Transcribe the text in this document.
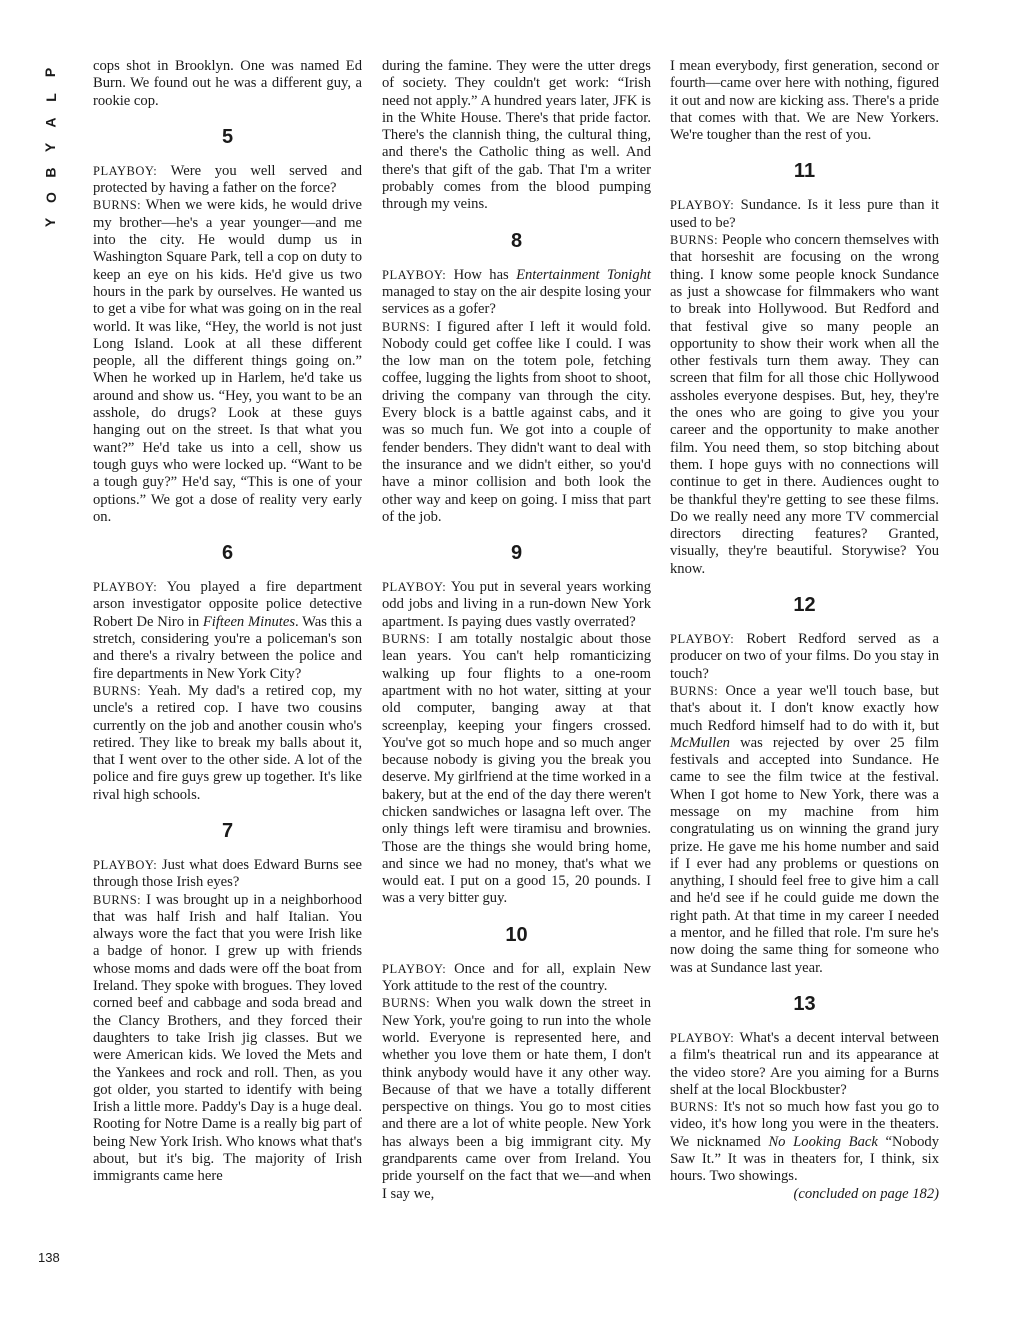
P
L
A
Y
B
O
Y
138

cops shot in Brooklyn. One was named Ed Burn. We found out he was a different guy, a rookie cop.

5

PLAYBOY: Were you well served and protected by having a father on the force?

BURNS: When we were kids, he would drive my brother—he's a year younger—and me into the city. He would dump us in Washington Square Park, tell a cop on duty to keep an eye on his kids. He'd give us two hours in the park by ourselves. He wanted us to get a vibe for what was going on in the real world. It was like, “Hey, the world is not just Long Island. Look at all these different people, all the different things going on.” When he worked up in Harlem, he'd take us around and show us. “Hey, you want to be an asshole, do drugs? Look at these guys hanging out on the street. Is that what you want?” He'd take us into a cell, show us tough guys who were locked up. “Want to be a tough guy?” He'd say, “This is one of your options.” We got a dose of reality very early on.

6

PLAYBOY: You played a fire department arson investigator opposite police detective Robert De Niro in Fifteen Minutes. Was this a stretch, considering you're a policeman's son and there's a rivalry between the police and fire departments in New York City?

BURNS: Yeah. My dad's a retired cop, my uncle's a retired cop. I have two cousins currently on the job and another cousin who's retired. They like to break my balls about it, that I went over to the other side. A lot of the police and fire guys grew up together. It's like rival high schools.

7

PLAYBOY: Just what does Edward Burns see through those Irish eyes?

BURNS: I was brought up in a neighborhood that was half Irish and half Italian. You always wore the fact that you were Irish like a badge of honor. I grew up with friends whose moms and dads were off the boat from Ireland. They spoke with brogues. They loved corned beef and cabbage and soda bread and the Clancy Brothers, and they forced their daughters to take Irish jig classes. But we were American kids. We loved the Mets and the Yankees and rock and roll. Then, as you got older, you started to identify with being Irish a little more. Paddy's Day is a huge deal. Rooting for Notre Dame is a really big part of being New York Irish. Who knows what that's about, but it's big. The majority of Irish immigrants came here

during the famine. They were the utter dregs of society. They couldn't get work: “Irish need not apply.” A hundred years later, JFK is in the White House. There's that pride factor. There's the clannish thing, the cultural thing, and there's the Catholic thing as well. And there's that gift of the gab. That I'm a writer probably comes from the blood pumping through my veins.

8

PLAYBOY: How has Entertainment Tonight managed to stay on the air despite losing your services as a gofer?

BURNS: I figured after I left it would fold. Nobody could get coffee like I could. I was the low man on the totem pole, fetching coffee, lugging the lights from shoot to shoot, driving the company van through the city. Every block is a battle against cabs, and it was so much fun. We got into a couple of fender benders. They didn't want to deal with the insurance and we didn't either, so you'd have a minor collision and both look the other way and keep on going. I miss that part of the job.

9

PLAYBOY: You put in several years working odd jobs and living in a run-down New York apartment. Is paying dues vastly overrated?

BURNS: I am totally nostalgic about those lean years. You can't help romanticizing walking up four flights to a one-room apartment with no hot water, sitting at your old computer, banging away at that screenplay, keeping your fingers crossed. You've got so much hope and so much anger because nobody is giving you the break you deserve. My girlfriend at the time worked in a bakery, but at the end of the day there weren't chicken sandwiches or lasagna left over. The only things left were tiramisu and brownies. Those are the things she would bring home, and since we had no money, that's what we would eat. I put on a good 15, 20 pounds. I was a very bitter guy.

10

PLAYBOY: Once and for all, explain New York attitude to the rest of the country.

BURNS: When you walk down the street in New York, you're going to run into the whole world. Everyone is represented here, and whether you love them or hate them, I don't think anybody would have it any other way. Because of that we have a totally different perspective on things. You go to most cities and there are a lot of white people. New York has always been a big immigrant city. My grandparents came over from Ireland. You pride yourself on the fact that we—and when I say we,

I mean everybody, first generation, second or fourth—came over here with nothing, figured it out and now are kicking ass. There's a pride that comes with that. We are New Yorkers. We're tougher than the rest of you.

11

PLAYBOY: Sundance. Is it less pure than it used to be?

BURNS: People who concern themselves with that horseshit are focusing on the wrong thing. I know some people knock Sundance as just a showcase for filmmakers who want to break into Hollywood. But Redford and that festival give so many people an opportunity to show their work when all the other festivals turn them away. They can screen that film for all those chic Hollywood assholes everyone despises. But, hey, they're the ones who are going to give you your career and the opportunity to make another film. You need them, so stop bitching about them. I hope guys with no connections will continue to get in there. Audiences ought to be thankful they're getting to see these films. Do we really need any more TV commercial directors directing features? Granted, visually, they're beautiful. Storywise? You know.

12

PLAYBOY: Robert Redford served as a producer on two of your films. Do you stay in touch?

BURNS: Once a year we'll touch base, but that's about it. I don't know exactly how much Redford himself had to do with it, but McMullen was rejected by over 25 film festivals and accepted into Sundance. He came to see the film twice at the festival. When I got home to New York, there was a message on my machine from him congratulating us on winning the grand jury prize. He gave me his home number and said if I ever had any problems or questions on anything, I should feel free to give him a call and he'd see if he could guide me down the right path. At that time in my career I needed a mentor, and he filled that role. I'm sure he's now doing the same thing for someone who was at Sundance last year.

13

PLAYBOY: What's a decent interval between a film's theatrical run and its appearance at the video store? Are you aiming for a Burns shelf at the local Blockbuster?

BURNS: It's not so much how fast you go to video, it's how long you were in the theaters. We nicknamed No Looking Back “Nobody Saw It.” It was in theaters for, I think, six hours. Two showings.

(concluded on page 182)
